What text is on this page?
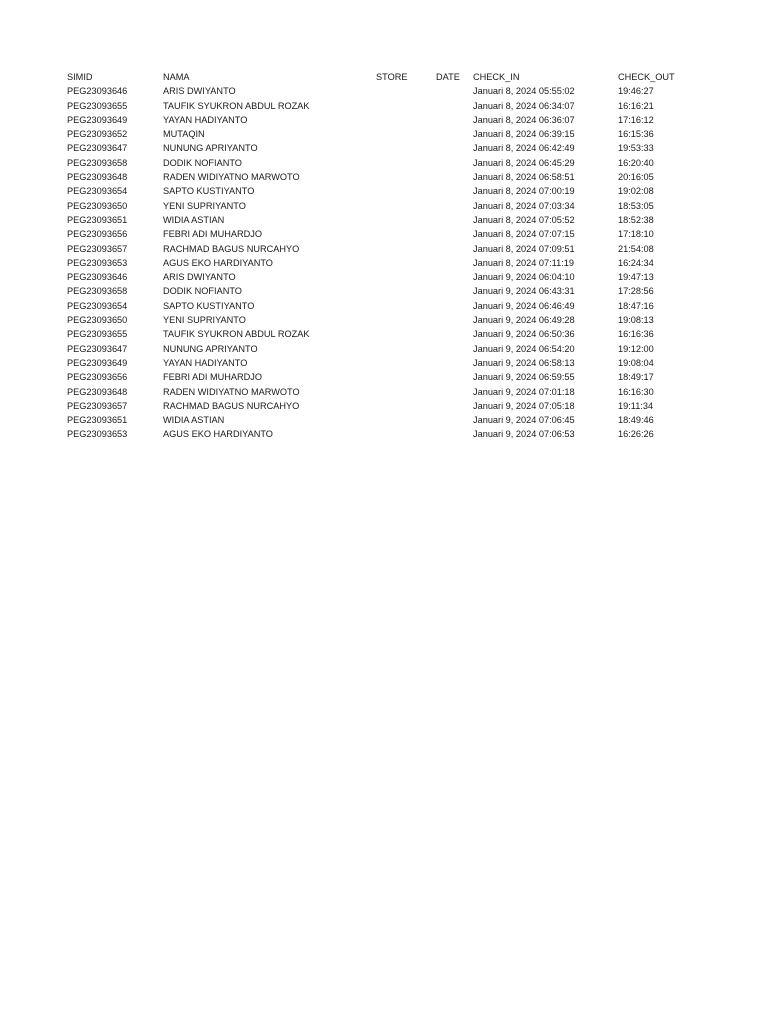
SIMID	NAMA	STORE	DATE	CHECK_IN	CHECK_OUT
PEG23093646	ARIS DWIYANTO			Januari 8, 2024 05:55:02	19:46:27
PEG23093655	TAUFIK SYUKRON ABDUL ROZAK			Januari 8, 2024 06:34:07	16:16:21
PEG23093649	YAYAN HADIYANTO			Januari 8, 2024 06:36:07	17:16:12
PEG23093652	MUTAQIN			Januari 8, 2024 06:39:15	16:15:36
PEG23093647	NUNUNG APRIYANTO			Januari 8, 2024 06:42:49	19:53:33
PEG23093658	DODIK NOFIANTO			Januari 8, 2024 06:45:29	16:20:40
PEG23093648	RADEN WIDIYATNO MARWOTO			Januari 8, 2024 06:58:51	20:16:05
PEG23093654	SAPTO KUSTIYANTO			Januari 8, 2024 07:00:19	19:02:08
PEG23093650	YENI SUPRIYANTO			Januari 8, 2024 07:03:34	18:53:05
PEG23093651	WIDIA ASTIAN			Januari 8, 2024 07:05:52	18:52:38
PEG23093656	FEBRI ADI MUHARDJO			Januari 8, 2024 07:07:15	17:18:10
PEG23093657	RACHMAD BAGUS NURCAHYO			Januari 8, 2024 07:09:51	21:54:08
PEG23093653	AGUS EKO HARDIYANTO			Januari 8, 2024 07:11:19	16:24:34
PEG23093646	ARIS DWIYANTO			Januari 9, 2024 06:04:10	19:47:13
PEG23093658	DODIK NOFIANTO			Januari 9, 2024 06:43:31	17:28:56
PEG23093654	SAPTO KUSTIYANTO			Januari 9, 2024 06:46:49	18:47:16
PEG23093650	YENI SUPRIYANTO			Januari 9, 2024 06:49:28	19:08:13
PEG23093655	TAUFIK SYUKRON ABDUL ROZAK			Januari 9, 2024 06:50:36	16:16:36
PEG23093647	NUNUNG APRIYANTO			Januari 9, 2024 06:54:20	19:12:00
PEG23093649	YAYAN HADIYANTO			Januari 9, 2024 06:58:13	19:08:04
PEG23093656	FEBRI ADI MUHARDJO			Januari 9, 2024 06:59:55	18:49:17
PEG23093648	RADEN WIDIYATNO MARWOTO			Januari 9, 2024 07:01:18	16:16:30
PEG23093657	RACHMAD BAGUS NURCAHYO			Januari 9, 2024 07:05:18	19:11:34
PEG23093651	WIDIA ASTIAN			Januari 9, 2024 07:06:45	18:49:46
PEG23093653	AGUS EKO HARDIYANTO			Januari 9, 2024 07:06:53	16:26:26
